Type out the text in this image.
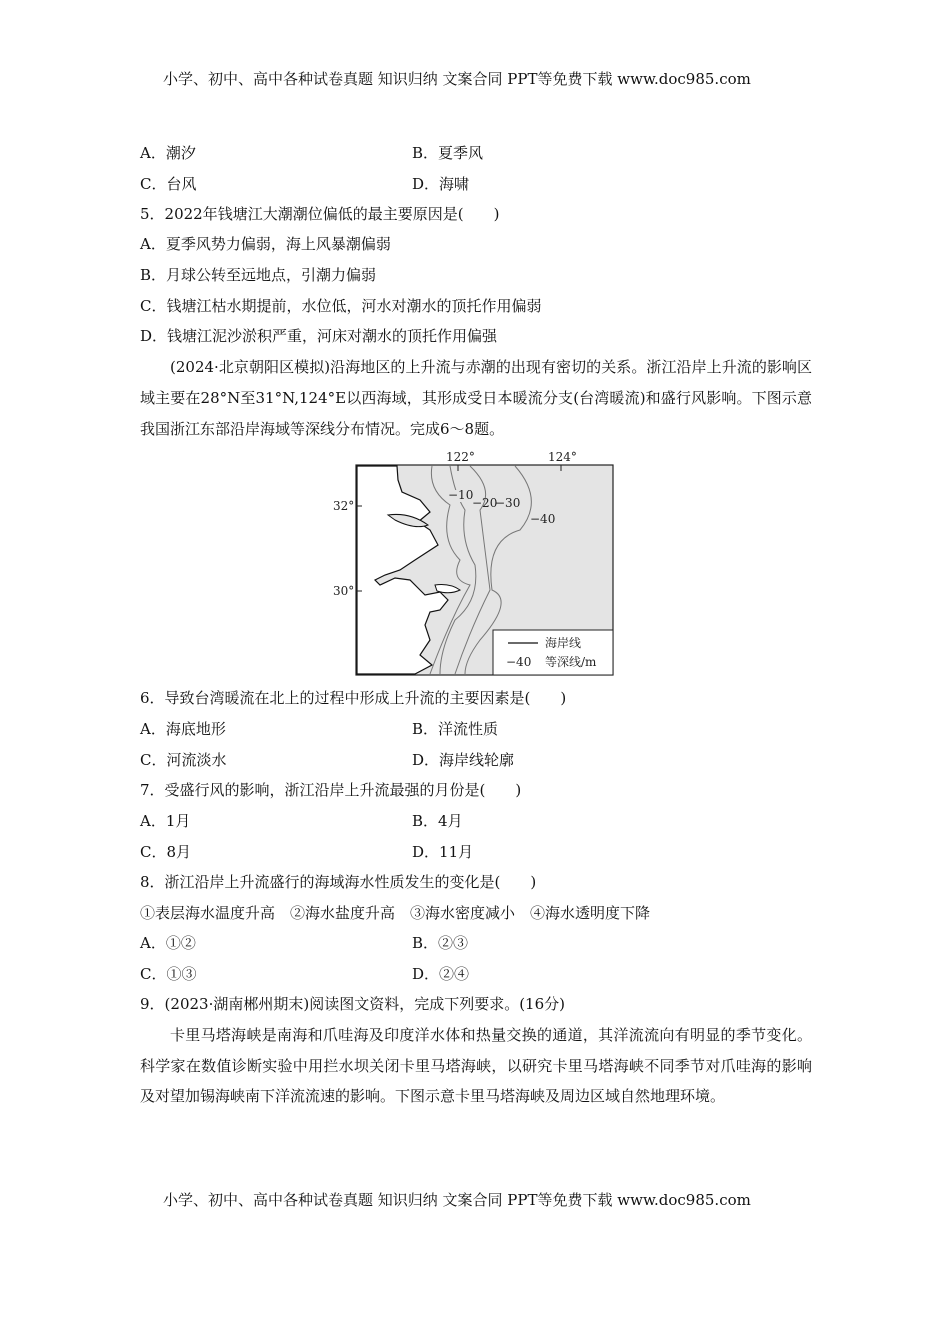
小学、初中、高中各种试卷真题 知识归纳 文案合同 PPT等免费下载 www.doc985.com
A．潮汐	B．夏季风
C．台风	D．海啸
5．2022年钱塘江大潮潮位偏低的最主要原因是(　　)
A．夏季风势力偏弱，海上风暴潮偏弱
B．月球公转至远地点，引潮力偏弱
C．钱塘江枯水期提前，水位低，河水对潮水的顶托作用偏弱
D．钱塘江泥沙淤积严重，河床对潮水的顶托作用偏强
(2024·北京朝阳区模拟)沿海地区的上升流与赤潮的出现有密切的关系。浙江沿岸上升流的影响区域主要在28°N至31°N,124°E以西海域，其形成受日本暖流分支(台湾暖流)和盛行风影响。下图示意我国浙江东部沿岸海域等深线分布情况。完成6～8题。
122°	124°
32°
30°
−10
−20
−30
−40
海岸线
−40 等深线/m
6．导致台湾暖流在北上的过程中形成上升流的主要因素是(　　)
A．海底地形	B．洋流性质
C．河流淡水	D．海岸线轮廓
7．受盛行风的影响，浙江沿岸上升流最强的月份是(　　)
A．1月	B．4月
C．8月	D．11月
8．浙江沿岸上升流盛行的海域海水性质发生的变化是(　　)
①表层海水温度升高　②海水盐度升高　③海水密度减小　④海水透明度下降
A．①②	B．②③
C．①③	D．②④
9．(2023·湖南郴州期末)阅读图文资料，完成下列要求。(16分)
卡里马塔海峡是南海和爪哇海及印度洋水体和热量交换的通道，其洋流流向有明显的季节变化。科学家在数值诊断实验中用拦水坝关闭卡里马塔海峡，以研究卡里马塔海峡不同季节对爪哇海的影响及对望加锡海峡南下洋流流速的影响。下图示意卡里马塔海峡及周边区域自然地理环境。
小学、初中、高中各种试卷真题 知识归纳 文案合同 PPT等免费下载 www.doc985.com
